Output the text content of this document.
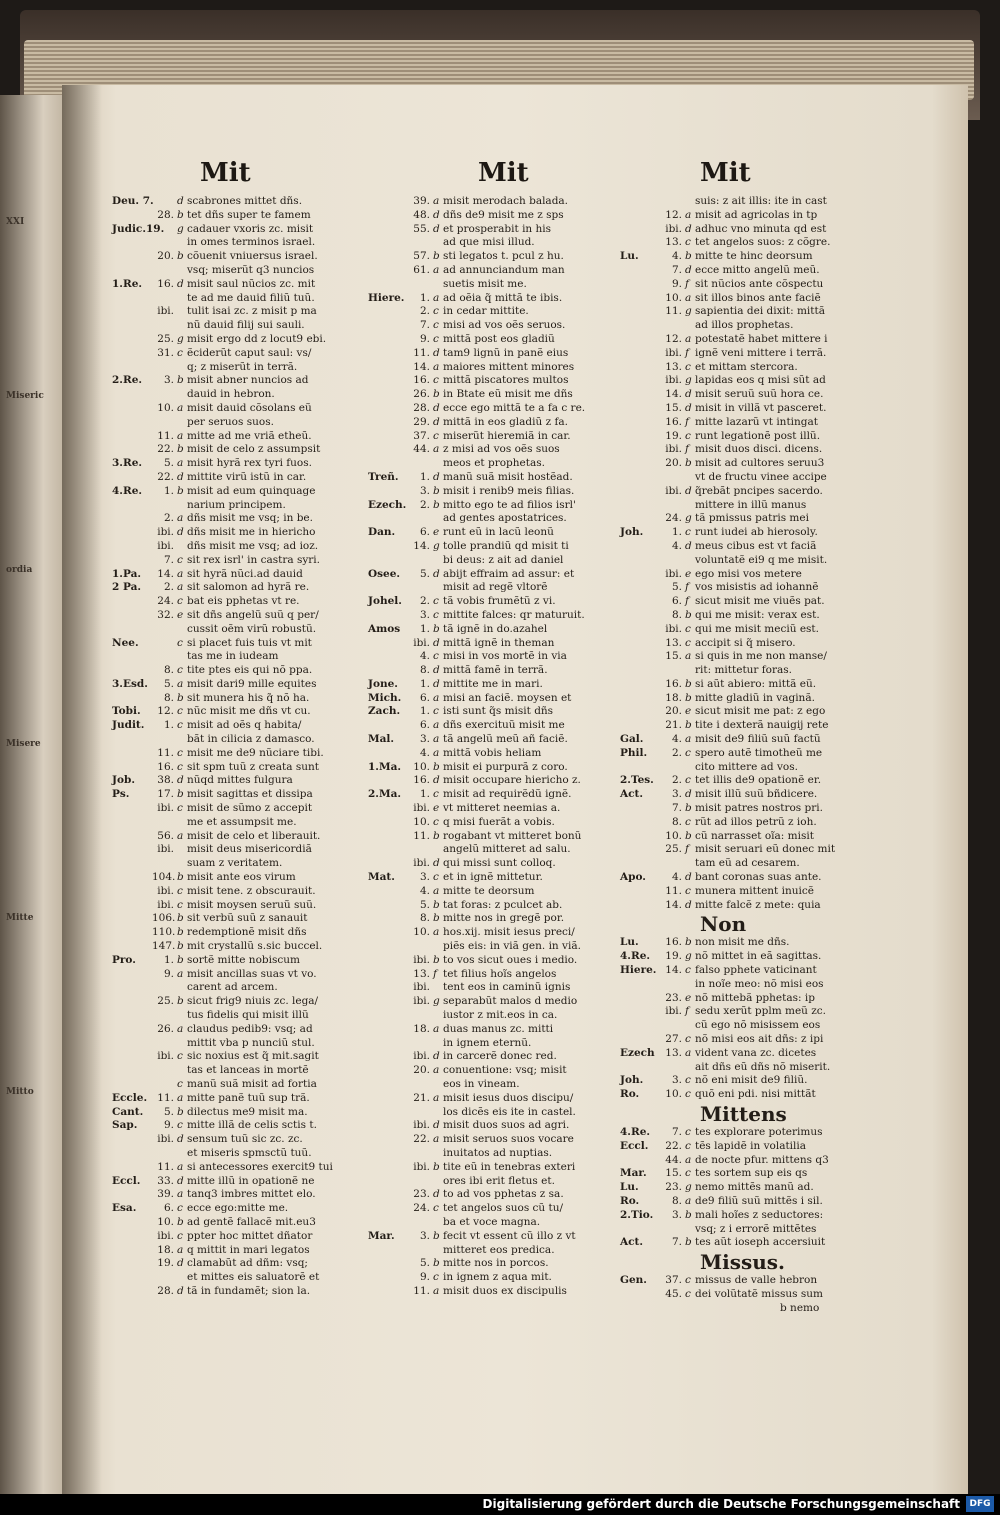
XXI
Miseric
ordia
Misere
Mitte
Mitto
Mit	Mit	Mit
Deu. 7. d scabrones mittet dñs.
28. b tet dñs super te famem
Judic.19. g cadauer vxoris zc. misit
in omes terminos israel.
20. b cõuenit vniuersus israel.
vsq; miserũt q3 nuncios
1.Re.	16. d misit saul nũcios zc. mit
te ad me dauid filiũ tuũ.
ibi. tulit isai zc. z misit p ma
nũ dauid filij sui sauli.
25. g misit ergo dd z locut9 ebi.
31. c ẽciderũt caput saul: vs/
q; z miserũt in terrã.
2.Re.	3. b misit abner nuncios ad
dauid in hebron.
10. a misit dauid cõsolans eũ
per seruos suos.
11. a mitte ad me vriã etheũ.
22. b misit de celo z assumpsit
3.Re.	5. a misit hyrã rex tyri fuos.
22. d mittite virũ istũ in car.
4.Re.	1. b misit ad eum quinquage
narium principem.
2. a dñs misit me vsq; in be.
ibi. d dñs misit me in hiericho
ibi. dñs misit me vsq; ad ioz.
7. c sit rex isrl' in castra syri.
1.Pa.	14. a sit hyrã nũci.ad dauid
2 Pa.	2. a sit salomon ad hyrã re.
24. c bat eis pphetas vt re.
32. e sit dñs angelũ suũ q per/
cussit oẽm virũ robustũ.
Nee.	c si placet fuis tuis vt mit
tas me in iudeam
8. c tite ptes eis qui nõ ppa.
3.Esd.	5. a misit dari9 mille equites
8. b sit munera his q̃ nõ ha.
Tobi.	12. c nũc misit me dñs vt cu.
Judit.	1. c misit ad oẽs q habita/
bãt in cilicia z damasco.
11. c misit me de9 nũciare tibi.
16. c sit spm tuũ z creata sunt
Job.	38. d nũqd mittes fulgura
Ps.	17. b misit sagittas et dissipa
ibi. c misit de sũmo z accepit
me et assumpsit me.
56. a misit de celo et liberauit.
ibi. misit deus misericordiã
suam z veritatem.
104. b misit ante eos virum
ibi. c misit tene. z obscurauit.
ibi. c misit moysen seruũ suũ.
106. b sit verbũ suũ z sanauit
110. b redemptionẽ misit dñs
147. b mit crystallũ s.sic buccel.
Pro.	1. b sortẽ mitte nobiscum
9. a misit ancillas suas vt vo.
carent ad arcem.
25. b sicut frig9 niuis zc. lega/
tus fidelis qui misit illũ
26. a claudus pedib9: vsq; ad
mittit vba p nunciũ stul.
ibi. c sic noxius est q̃ mit.sagit
tas et lanceas in mortẽ
c manũ suã misit ad fortia
Eccle. 11. a mitte panẽ tuũ sup trã.
Cant.	5. b dilectus me9 misit ma.
Sap.	9. c mitte illã de celis sctis t.
ibi. d sensum tuũ sic zc. zc.
et miseris spmsctũ tuũ.
11. a si antecessores exercit9 tui
Eccl.	33. d mitte illũ in opationẽ ne
39. a tanq3 imbres mittet elo.
Esa.	6. c ecce ego:mitte me.
10. b ad gentẽ fallacẽ mit.eu3
ibi. c ppter hoc mittet dñator
18. a q mittit in mari legatos
19. d clamabũt ad dñm: vsq;
et mittes eis saluatorẽ et
28. d tã in fundamẽt; sion la.
39. a misit merodach balada.
48. d dñs de9 misit me z sps
55. d et prosperabit in his
ad que misi illud.
57. b sti legatos t. pcul z hu.
61. a ad annunciandum man
suetis misit me.
Hiere.	1. a ad oẽia q̃ mittã te ibis.
2. c in cedar mittite.
7. c misi ad vos oẽs seruos.
9. c mittã post eos gladiũ
11. d tam9 lignũ in panẽ eius
14. a maiores mittent minores
16. c mittã piscatores multos
26. b in Btate eũ misit me dñs
28. d ecce ego mittã te a fa c re.
29. d mittã in eos gladiũ z fa.
37. c miserũt hieremiã in car.
44. a z misi ad vos oẽs suos
meos et prophetas.
Treñ.	1. d manũ suã misit hostẽad.
3. b misit i renib9 meis filias.
Ezech.	2. b mitto ego te ad filios isrl'
ad gentes apostatrices.
Dan.	6. e runt eũ in lacũ leonũ
14. g tolle prandiũ qd misit ti
bi deus: z ait ad daniel
Osee.	5. d abijt effraim ad assur: et
misit ad regẽ vltorẽ
Johel.	2. c tã vobis frumẽtũ z vi.
3. c mittite falces: qr maturuit.
Amos	1. b tã ignẽ in do.azahel
ibi. d mittã ignẽ in theman
4. c misi in vos mortẽ in via
8. d mittã famẽ in terrã.
Jone.	1. d mittite me in mari.
Mich.	6. a misi an faciẽ. moysen et
Zach.	1. c isti sunt q̃s misit dñs
6. a dñs exercituũ misit me
Mal.	3. a tã angelũ meũ añ faciẽ.
4. a mittã vobis heliam
1.Ma.	10. b misit ei purpurã z coro.
16. d misit occupare hiericho z.
2.Ma.	1. c misit ad requirẽdũ ignẽ.
ibi. e vt mitteret neemias a.
10. c q misi fuerãt a vobis.
11. b rogabant vt mitteret bonũ
angelũ mitteret ad salu.
ibi. d qui missi sunt colloq.
Mat.	3. c et in ignẽ mittetur.
4. a mitte te deorsum
5. b tat foras: z pculcet ab.
8. b mitte nos in gregẽ por.
10. a hos.xij. misit iesus preci/
piẽs eis: in viã gen. in viã.
ibi. b to vos sicut oues i medio.
13. f tet filius hoĩs angelos
ibi. tent eos in caminũ ignis
ibi. g separabũt malos d medio
iustor z mit.eos in ca.
18. a duas manus zc. mitti
in ignem eternũ.
ibi. d in carcerẽ donec red.
20. a conuentione: vsq; misit
eos in vineam.
21. a misit iesus duos discipu/
los dicẽs eis ite in castel.
ibi. d misit duos suos ad agri.
22. a misit seruos suos vocare
inuitatos ad nuptias.
ibi. b tite eũ in tenebras exteri
ores ibi erit fletus et.
23. d to ad vos pphetas z sa.
24. c tet angelos suos cũ tu/
ba et voce magna.
Mar.	3. b fecit vt essent cũ illo z vt
mitteret eos predica.
5. b mitte nos in porcos.
9. c in ignem z aqua mit.
11. a misit duos ex discipulis
suis: z ait illis: ite in cast
12. a misit ad agricolas in tp
ibi. d adhuc vno minuta qd est
13. c tet angelos suos: z cõgre.
Lu.	4. b mitte te hinc deorsum
7. d ecce mitto angelũ meũ.
9. f sit nũcios ante cõspectu
10. a sit illos binos ante faciẽ
11. g sapientia dei dixit: mittã
ad illos prophetas.
12. a potestatẽ habet mittere i
ibi. f ignẽ veni mittere i terrã.
13. c et mittam stercora.
ibi. g lapidas eos q misi sũt ad
14. d misit seruũ suũ hora ce.
15. d misit in villã vt pasceret.
16. f mitte lazarũ vt intingat
19. c runt legationẽ post illũ.
ibi. f misit duos disci. dicens.
20. b misit ad cultores seruu3
vt de fructu vinee accipe
ibi. d q̃rebãt pncipes sacerdo.
mittere in illũ manus
24. g tã pmissus patris mei
Joh.	1. c runt iudei ab hierosoly.
4. d meus cibus est vt faciã
voluntatẽ ei9 q me misit.
ibi. e ego misi vos metere
5. f vos misistis ad iohannẽ
6. f sicut misit me viuẽs pat.
8. b qui me misit: verax est.
ibi. c qui me misit meciũ est.
13. c accipit si q̃ misero.
15. a si quis in me non manse/
rit: mittetur foras.
16. b si aũt abiero: mittã eũ.
18. b mitte gladiũ in vaginã.
20. e sicut misit me pat: z ego
21. b tite i dexterã nauigij rete
Gal.	4. a misit de9 filiũ suũ factũ
Phil.	2. c spero autẽ timotheũ me
cito mittere ad vos.
2.Tes.	2. c tet illis de9 opationẽ er.
Act.	3. d misit illũ suũ bñdicere.
7. b misit patres nostros pri.
8. c rũt ad illos petrũ z ioh.
10. b cũ narrasset oĩa: misit
25. f misit seruari eũ donec mit
tam eũ ad cesarem.
Apo.	4. d bant coronas suas ante.
11. c munera mittent inuicẽ
14. d mitte falcẽ z mete: quia
Non
Lu.	16. b non misit me dñs.
4.Re.	19. g nõ mittet in eã sagittas.
Hiere. 14. c falso pphete vaticinant
in noĩe meo: nõ misi eos
23. e nõ mittebã pphetas: ip
ibi. f sedu xerũt pplm meũ zc.
cũ ego nõ misissem eos
27. c nõ misi eos ait dñs: z ipi
Ezech	13. a vident vana zc. dicetes
ait dñs eũ dñs nõ miserit.
Joh.	3. c nõ eni misit de9 filiũ.
Ro.	10. c quõ eni pdi. nisi mittãt
Mittens
4.Re.	7. c tes explorare poterimus
Eccl.	22. c tẽs lapidẽ in volatilia
44. a de nocte pfur. mittens q3
Mar.	15. c tes sortem sup eis qs
Lu.	23. g nemo mittẽs manũ ad.
Ro.	8. a de9 filiũ suũ mittẽs i sil.
2.Tio.	3. b mali hoĩes z seductores:
vsq; z i errorẽ mittẽtes
Act.	7. b tes aũt ioseph accersiuit
Missus.
Gen.	37. c missus de valle hebron
45. c dei volũtatẽ missus sum
b nemo
Digitalisierung gefördert durch die Deutsche Forschungsgemeinschaft	DFG
